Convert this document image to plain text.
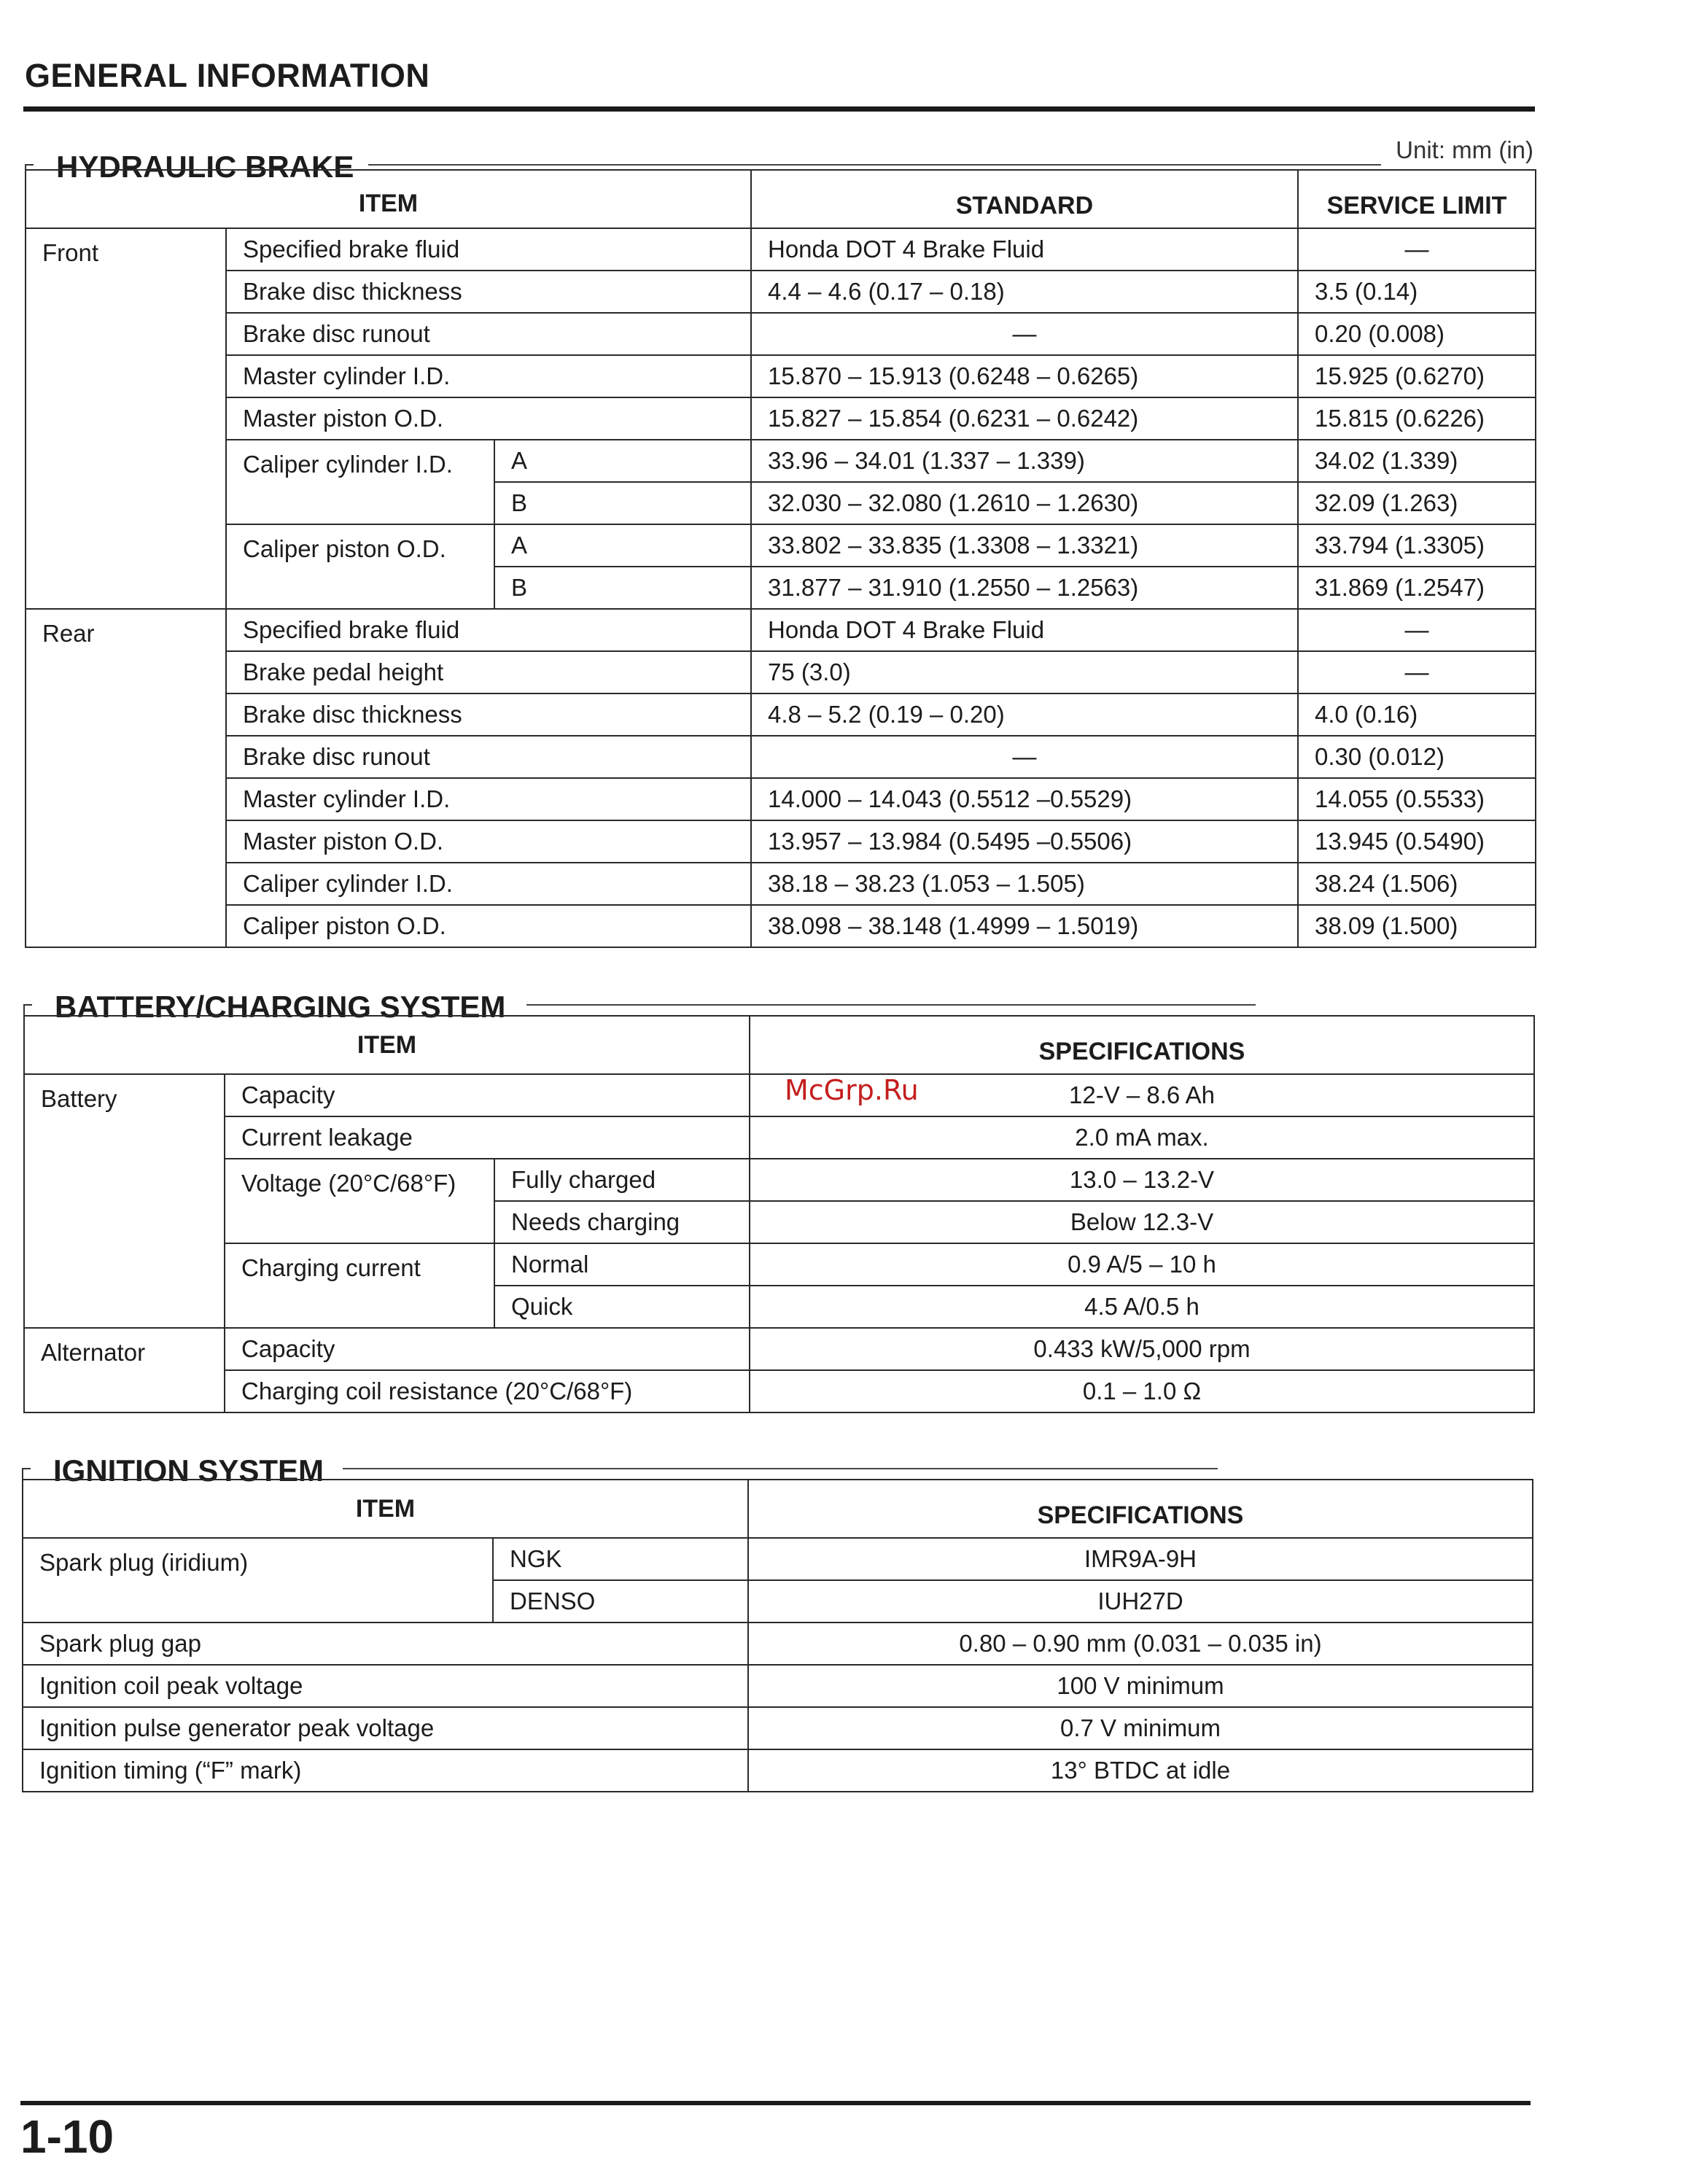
GENERAL INFORMATION
Unit: mm (in)
HYDRAULIC BRAKE
ITEM			STANDARD	SERVICE LIMIT
Front	Specified brake fluid		Honda DOT 4 Brake Fluid	—
	Brake disc thickness		4.4 – 4.6 (0.17 – 0.18)	3.5 (0.14)
	Brake disc runout		—	0.20 (0.008)
	Master cylinder I.D.		15.870 – 15.913 (0.6248 – 0.6265)	15.925 (0.6270)
	Master piston O.D.		15.827 – 15.854 (0.6231 – 0.6242)	15.815 (0.6226)
	Caliper cylinder I.D.	A	33.96 – 34.01 (1.337 – 1.339)	34.02 (1.339)
		B	32.030 – 32.080 (1.2610 – 1.2630)	32.09 (1.263)
	Caliper piston O.D.	A	33.802 – 33.835 (1.3308 – 1.3321)	33.794 (1.3305)
		B	31.877 – 31.910 (1.2550 – 1.2563)	31.869 (1.2547)
Rear	Specified brake fluid		Honda DOT 4 Brake Fluid	—
	Brake pedal height		75 (3.0)	—
	Brake disc thickness		4.8 – 5.2 (0.19 – 0.20)	4.0 (0.16)
	Brake disc runout		—	0.30 (0.012)
	Master cylinder I.D.		14.000 – 14.043 (0.5512 –0.5529)	14.055 (0.5533)
	Master piston O.D.		13.957 – 13.984 (0.5495 –0.5506)	13.945 (0.5490)
	Caliper cylinder I.D.		38.18 – 38.23 (1.053 – 1.505)	38.24 (1.506)
	Caliper piston O.D.		38.098 – 38.148 (1.4999 – 1.5019)	38.09 (1.500)
BATTERY/CHARGING SYSTEM
ITEM			SPECIFICATIONS
Battery	Capacity		12-V – 8.6 Ah
	Current leakage		2.0 mA max.
	Voltage (20°C/68°F)	Fully charged	13.0 – 13.2-V
		Needs charging	Below 12.3-V
	Charging current	Normal	0.9 A/5 – 10 h
		Quick	4.5 A/0.5 h
Alternator	Capacity		0.433 kW/5,000 rpm
	Charging coil resistance (20°C/68°F)		0.1 – 1.0 Ω
McGrp.Ru
IGNITION SYSTEM
ITEM		SPECIFICATIONS
Spark plug (iridium)	NGK	IMR9A-9H
	DENSO	IUH27D
Spark plug gap		0.80 – 0.90 mm (0.031 – 0.035 in)
Ignition coil peak voltage		100 V minimum
Ignition pulse generator peak voltage		0.7 V minimum
Ignition timing (“F” mark)		13° BTDC at idle
1-10
